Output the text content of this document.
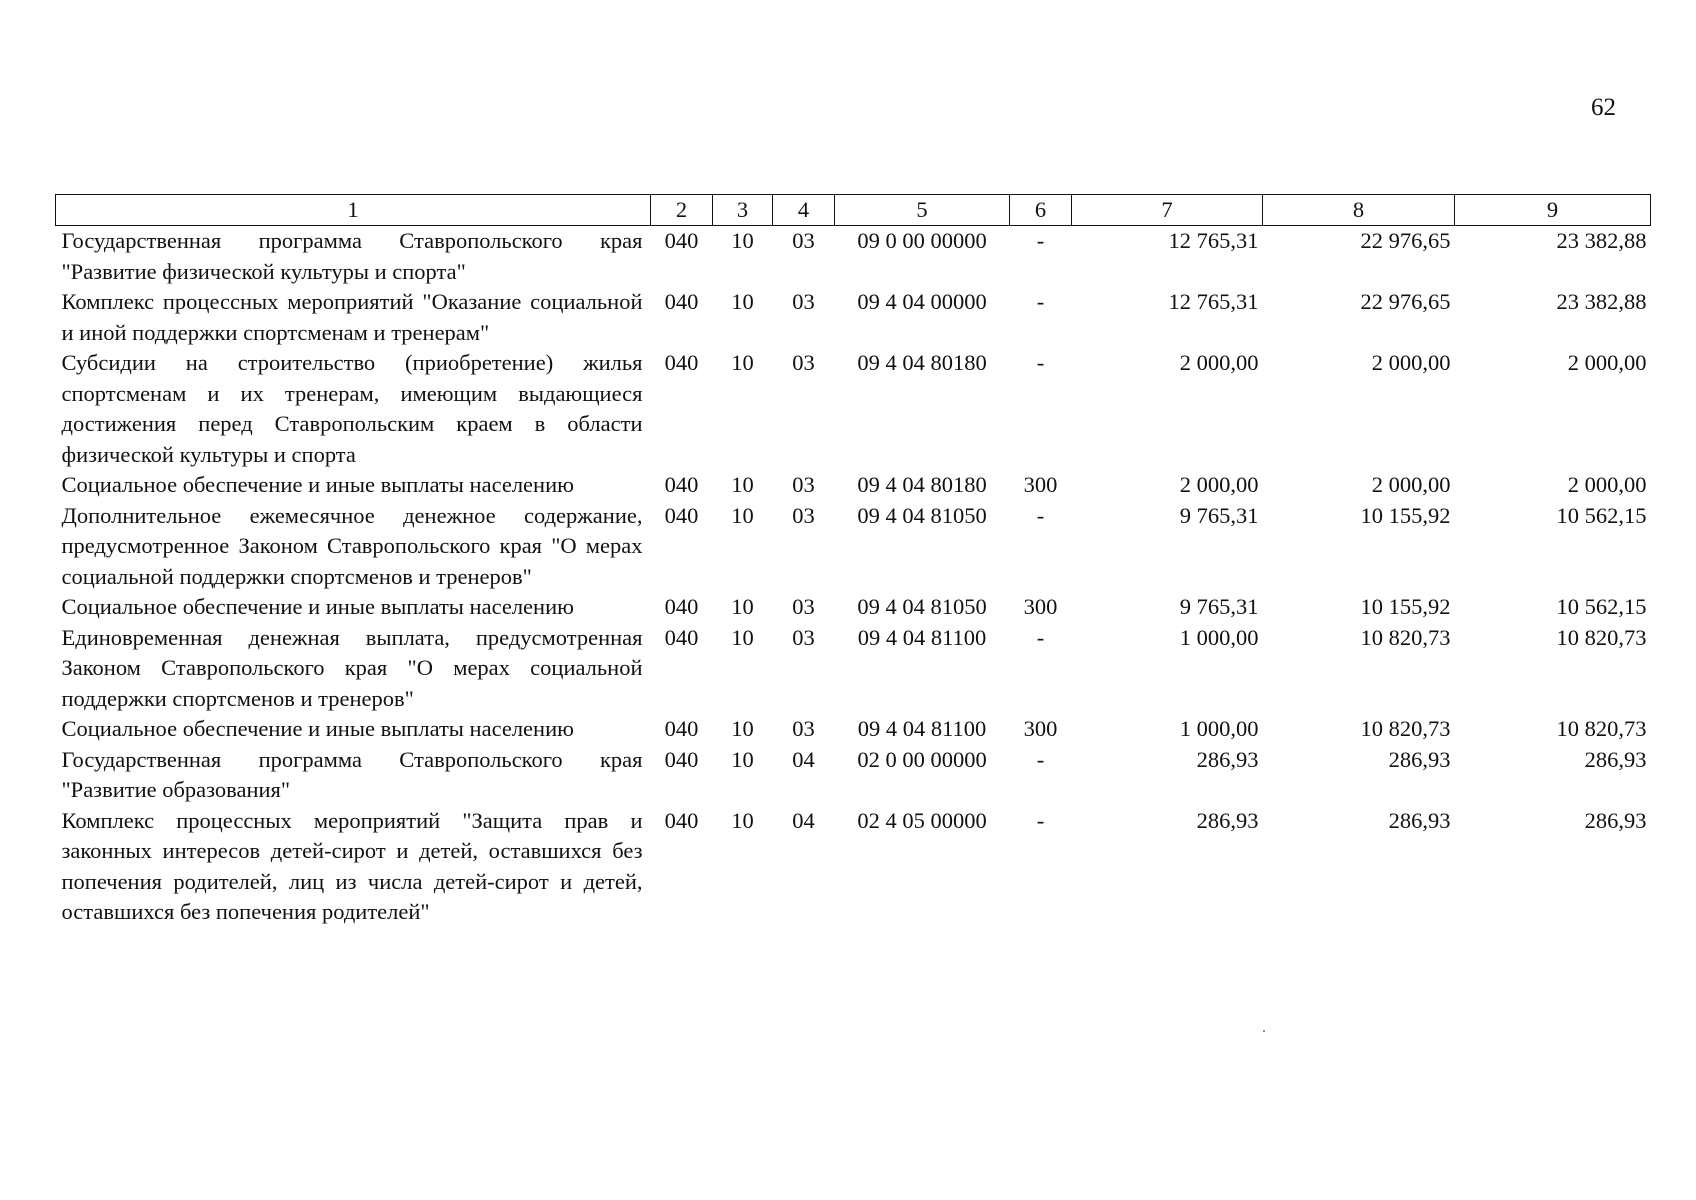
62
1	2	3	4	5	6	7	8	9
Государственная программа Ставропольского края "Развитие физической культуры и спорта"	040	10	03	09 0 00 00000	-	12 765,31	22 976,65	23 382,88
Комплекс процессных мероприятий "Оказание социальной и иной поддержки спортсменам и тренерам"	040	10	03	09 4 04 00000	-	12 765,31	22 976,65	23 382,88
Субсидии на строительство (приобретение) жилья спортсменам и их тренерам, имеющим выдающиеся достижения перед Ставропольским краем в области физической культуры и спорта	040	10	03	09 4 04 80180	-	2 000,00	2 000,00	2 000,00
Социальное обеспечение и иные выплаты населению	040	10	03	09 4 04 80180	300	2 000,00	2 000,00	2 000,00
Дополнительное ежемесячное денежное содержание, предусмотренное Законом Ставропольского края "О мерах социальной поддержки спортсменов и тренеров"	040	10	03	09 4 04 81050	-	9 765,31	10 155,92	10 562,15
Социальное обеспечение и иные выплаты населению	040	10	03	09 4 04 81050	300	9 765,31	10 155,92	10 562,15
Единовременная денежная выплата, предусмотренная Законом Ставропольского края "О мерах социальной поддержки спортсменов и тренеров"	040	10	03	09 4 04 81100	-	1 000,00	10 820,73	10 820,73
Социальное обеспечение и иные выплаты населению	040	10	03	09 4 04 81100	300	1 000,00	10 820,73	10 820,73
Государственная программа Ставропольского края "Развитие образования"	040	10	04	02 0 00 00000	-	286,93	286,93	286,93
Комплекс процессных мероприятий "Защита прав и законных интересов детей-сирот и детей, оставшихся без попечения родителей, лиц из числа детей-сирот и детей, оставшихся без попечения родителей"	040	10	04	02 4 05 00000	-	286,93	286,93	286,93
